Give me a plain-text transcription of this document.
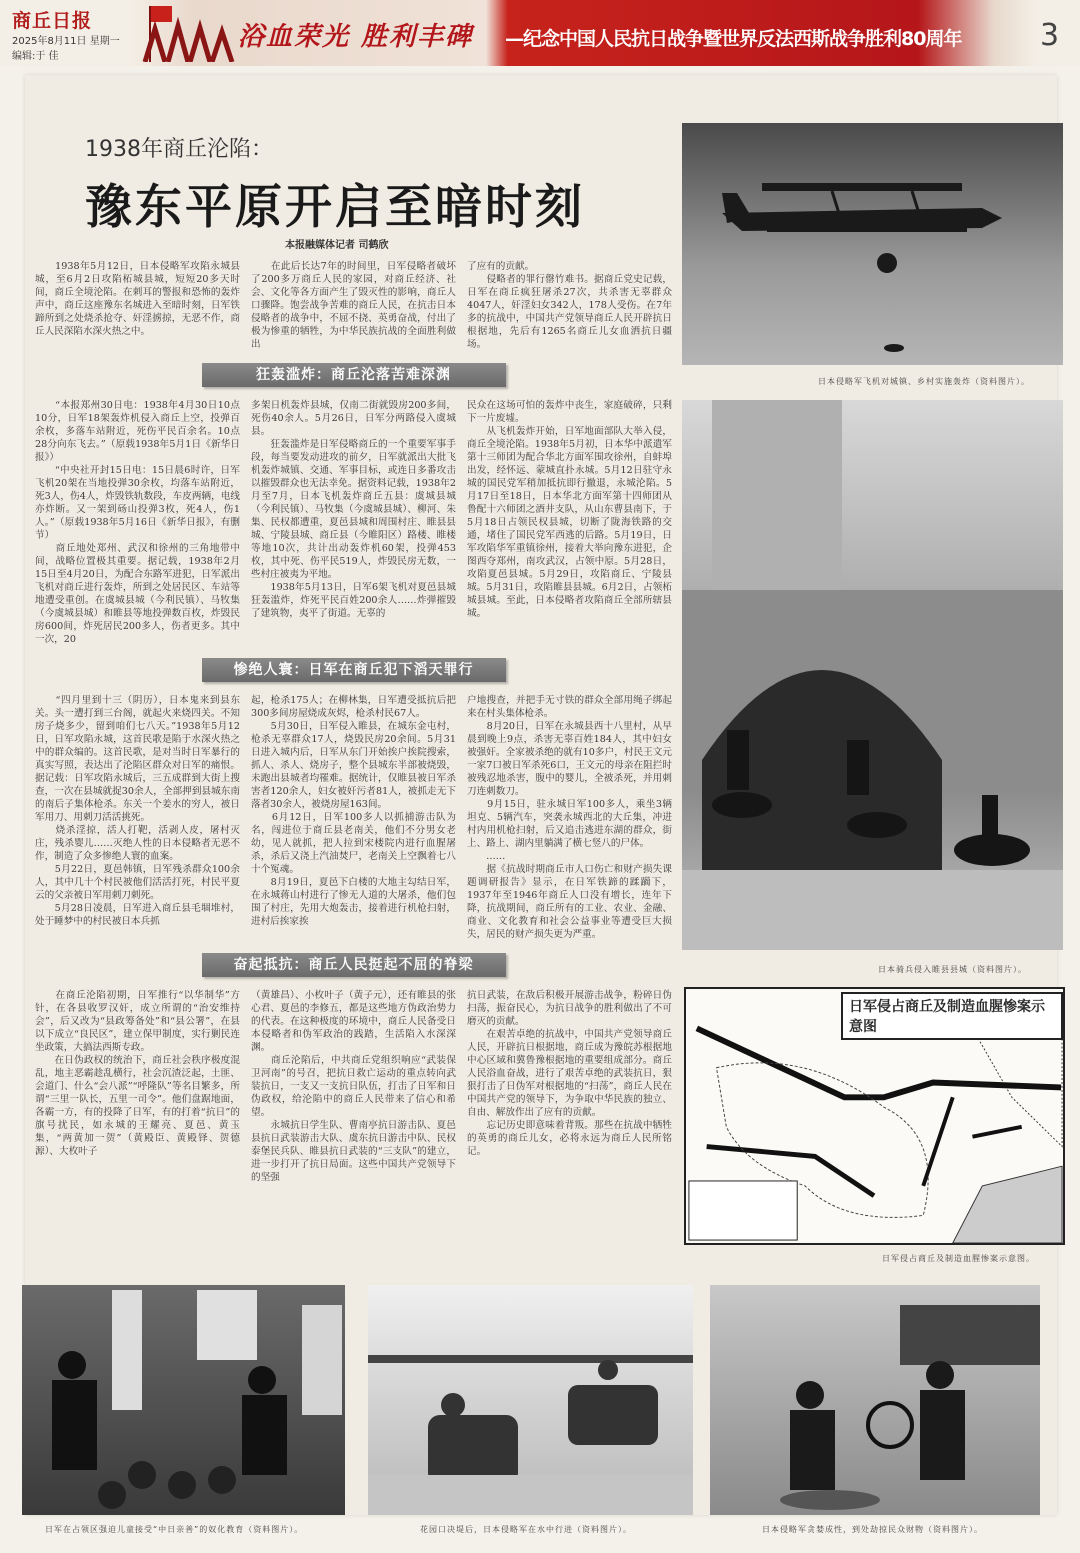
商丘日报
2025年8月11日 星期一
编辑:于 佳
浴血荣光 胜利丰碑 —纪念中国人民抗日战争暨世界反法西斯战争胜利80周年	3
1938年商丘沦陷：
豫东平原开启至暗时刻
本报融媒体记者 司鹤欣
　　1938年5月12日，日本侵略军攻陷永城县城，至6月2日攻陷柘城县城，短短20多天时间，商丘全境沦陷。在刺耳的警报和恐怖的轰炸声中，商丘这座豫东名城进入至暗时刻，日军铁蹄所到之处烧杀抢夺、奸淫掳掠，无恶不作，商丘人民深陷水深火热之中。
　　在此后长达7年的时间里，日军侵略者破坏了200多万商丘人民的家园，对商丘经济、社会、文化等各方面产生了毁灭性的影响，商丘人口骤降。饱尝战争苦难的商丘人民，在抗击日本侵略者的战争中，不屈不挠、英勇奋战，付出了极为惨重的牺牲，为中华民族抗战的全面胜利做出
了应有的贡献。
　　侵略者的罪行罄竹难书。据商丘党史记载，日军在商丘疯狂屠杀27次，共杀害无辜群众4047人，奸淫妇女342人，178人受伤。在7年多的抗战中，中国共产党领导商丘人民开辟抗日根据地，先后有1265名商丘儿女血洒抗日疆场。
狂轰滥炸：商丘沦落苦难深渊
　　“本报郑州30日电：1938年4月30日10点10分，日军18架轰炸机侵入商丘上空，投弹百余枚，多落车站附近，死伤平民百余名。10点28分向东飞去。”（原载1938年5月1日《新华日报》）
　　“中央社开封15日电：15日晨6时许，日军飞机20架在当地投弹30余枚，均落车站附近，死3人，伤4人，炸毁铁轨数段，车皮两辆，电线亦炸断。又一架到砀山投弹3枚，死4人，伤1人。”（原载1938年5月16日《新华日报》，有删节）
　　商丘地处郑州、武汉和徐州的三角地带中间，战略位置极其重要。据记载，1938年2月15日至4月20日，为配合东路军进犯，日军派出飞机对商丘进行轰炸，所到之处居民区、车站等地遭受重创。在虞城县城（今利民镇）、马牧集（今虞城县城）和睢县等地投弹数百枚，炸毁民房600间，炸死居民200多人，伤者更多。其中一次，20
多架日机轰炸县城，仅南二街就毁房200多间，死伤40余人。5月26日，日军分两路侵入虞城县。
　　狂轰滥炸是日军侵略商丘的一个重要军事手段，每当要发动进攻的前夕，日军就派出大批飞机轰炸城镇、交通、军事目标，或连日多番攻击以摧毁群众也无法幸免。据资料记载，1938年2月至7月，日本飞机轰炸商丘五县：虞城县城（今利民镇）、马牧集（今虞城县城）、柳河、朱集、民权都遭重，夏邑县城和周围村庄、睢县县城、宁陵县城、商丘县（今睢阳区）路楼、睢楼等地10次，共计出动轰炸机60架，投弹453枚，其中死、伤平民519人，炸毁民房无数，一些村庄被夷为平地。
　　1938年5月13日，日军6架飞机对夏邑县城狂轰滥炸，炸死平民百姓200余人……炸弹摧毁了建筑物，夷平了街道。无辜的
民众在这场可怕的轰炸中丧生，家庭破碎，只剩下一片废墟。
　　从飞机轰炸开始，日军地面部队大举入侵，商丘全境沦陷。1938年5月初，日本华中派遣军第十三师团为配合华北方面军围攻徐州，自蚌埠出发，经怀远、蒙城直扑永城。5月12日驻守永城的国民党军稍加抵抗即行撤退，永城沦陷。5月17日至18日，日本华北方面军第十四师团从鲁配十六师团之酒井支队，从山东曹县南下，于5月18日占领民权县城，切断了陇海铁路的交通，堵住了国民党军西逃的后路。5月19日，日军攻陷华军重镇徐州，接着大举向豫东进犯，企图西夺郑州，南攻武汉，占领中原。5月28日，攻陷夏邑县城。5月29日，攻陷商丘、宁陵县城。5月31日，攻陷睢县县城。6月2日，占领柘城县城。至此，日本侵略者攻陷商丘全部所辖县城。
惨绝人寰：日军在商丘犯下滔天罪行
　　“四月里到十三（阴历），日本鬼来到县东关。头一遭打到三台阁，就起火来烧四关。不知房子烧多少，留到咱们七八天。”1938年5月12日，日军攻陷永城，这首民歌是陷于水深火热之中的群众编的。这首民歌，是对当时日军暴行的真实写照，表达出了沦陷区群众对日军的痛恨。据记载：日军攻陷永城后，三五成群到大街上搜查，一次在县城就捉30余人，全部押到县城东南的南后子集体枪杀。东关一个姜水的穷人，被日军用刀、用刺刀活活挑死。
　　烧杀淫掠，活人打靶，活剥人皮，屠村灭庄，残杀婴儿……灭绝人性的日本侵略者无恶不作，制造了众多惨绝人寰的血案。
　　5月22日，夏邑韩镇，日军残杀群众100余人，其中几十个村民被他们活活打死，村民平夏云的父亲被日军用刺刀刺死。
　　5月28日凌晨，日军进入商丘县毛堌堆村，处于睡梦中的村民被日本兵抓
起，枪杀175人；在柳林集，日军遭受抵抗后把300多间房屋烧成灰烬，枪杀村民67人。
　　5月30日，日军侵入睢县，在城东金屯村，枪杀无辜群众17人，烧毁民房20余间。5月31日进入城内后，日军从东门开始挨户挨院搜索，抓人、杀人、烧房子，整个县城东半部被烧毁，未跑出县城者均罹难。据统计，仅睢县被日军杀害者120余人，妇女被奸污者81人，被抓走无下落者30余人，被烧房屋163间。
　　6月12日，日军100多人以抓捕游击队为名，闯进位于商丘县老南关，他们不分男女老幼，见人就抓，把人拉到宋楼院内进行血腥屠杀，杀后又浇上汽油焚尸，老南关上空飘着七八十个冤魂。
　　8月19日，夏邑下白楼的大地主勾结日军，在永城蒋山村进行了惨无人道的大屠杀，他们包围了村庄，先用大炮轰击，接着进行机枪扫射，进村后挨家挨
户地搜查，并把手无寸铁的群众全部用绳子绑起来在村头集体枪杀。
　　8月20日，日军在永城县西十八里村，从早晨到晚上9点，杀害无辜百姓184人，其中妇女被强奸。全家被杀绝的就有10多户，村民王文元一家7口被日军杀死6口，王文元的母亲在阻拦时被残忍地杀害，腹中的婴儿，全被杀死，并用刺刀连刺数刀。
　　9月15日，驻永城日军100多人，乘坐3辆坦克、5辆汽车，突袭永城西北的大丘集，冲进村内用机枪扫射，后又追击逃进东湖的群众，街上、路上、湖内里躺满了横七竖八的尸体。
　　……
　　据《抗战时期商丘市人口伤亡和财产损失课题调研报告》显示，在日军铁蹄的蹂躏下，1937年至1946年商丘人口没有增长，连年下降，抗战期间，商丘所有的工业、农业、金融、商业、文化教育和社会公益事业等遭受巨大损失，居民的财产损失更为严重。
奋起抵抗：商丘人民挺起不屈的脊梁
　　在商丘沦陷初期，日军推行“以华制华”方针，在各县收罗汉奸，成立所谓的“治安维持会”，后又改为“县政筹备处”和“县公署”，在县以下成立“良民区”，建立保甲制度，实行剿民连坐政策，大搞法西斯专政。
　　在日伪政权的统治下，商丘社会秩序极度混乱，地主恶霸趁乱横行，社会沉渣泛起，土匪、会道门、什么“会八派”“呼隆队”等名目繁多，所谓“三里一队长，五里一司令”。他们盘踞地面，各霸一方，有的投降了日军，有的打着“抗日”的旗号扰民，如永城的王耀亮、夏邑、黄玉集，“两黄加一贺”（黄殿臣、黄殿铎、贺德源）、大枚叶子
（黄雄昌）、小枚叶子（黄子元），还有睢县的张心君、夏邑的李修五，都是这些地方伪政治势力的代表。在这种极度的环境中，商丘人民备受日本侵略者和伪军政治的践踏，生活陷入水深深渊。
　　商丘沦陷后，中共商丘党组织响应“武装保卫河南”的号召，把抗日救亡运动的重点转向武装抗日，一支又一支抗日队伍，打击了日军和日伪政权，给沦陷中的商丘人民带来了信心和希望。
　　永城抗日学生队、曹南亭抗日游击队、夏邑县抗日武装游击大队、虞东抗日游击中队、民权泰堡民兵队、睢县抗日武装的“三支队”的建立，进一步打开了抗日局面。这些中国共产党领导下的坚强
抗日武装，在敌后积极开展游击战争，粉碎日伪扫荡，振奋民心，为抗日战争的胜利做出了不可磨灭的贡献。
　　在艰苦卓绝的抗战中，中国共产党领导商丘人民，开辟抗日根据地，商丘成为豫皖苏根据地中心区域和冀鲁豫根据地的重要组成部分。商丘人民浴血奋战，进行了艰苦卓绝的武装抗日，狠狠打击了日伪军对根据地的“扫荡”，商丘人民在中国共产党的领导下，为争取中华民族的独立、自由、解放作出了应有的贡献。
　　忘记历史即意味着背叛。那些在抗战中牺牲的英勇的商丘儿女，必将永远为商丘人民所铭记。
日本侵略军飞机对城镇、乡村实施轰炸（资料图片）。
日本骑兵侵入睢县县城（资料图片）。
日军侵占商丘及制造血腥惨案示意图
日军侵占商丘及制造血腥惨案示意图。
日军在占领区强迫儿童接受“中日亲善”的奴化教育（资料图片）。	花园口决堤后，日本侵略军在水中行进（资料图片）。	日本侵略军贪婪成性，到处劫掠民众财物（资料图片）。
